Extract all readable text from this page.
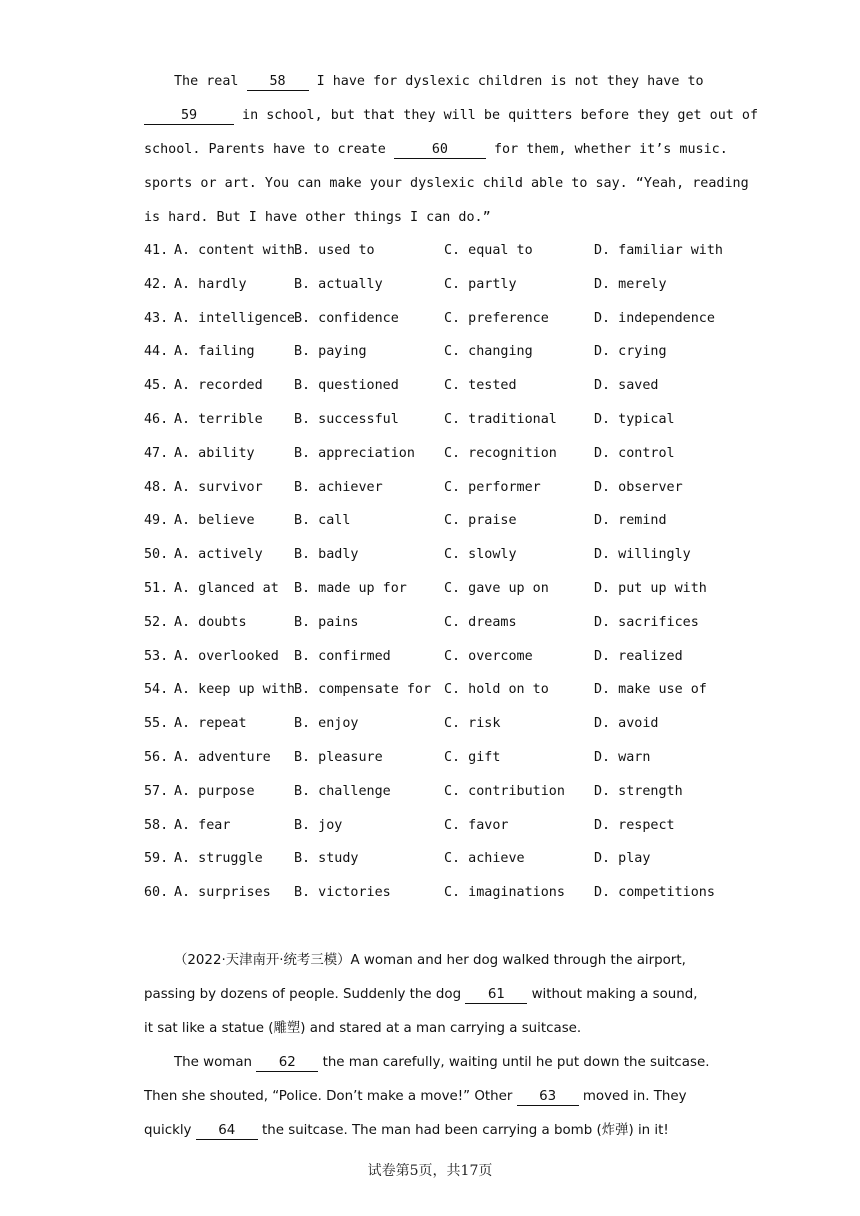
The real 58 I have for dyslexic children is not they have to
59	in school, but that they will be quitters before they get out of
school. Parents have to create	60	for them, whether it’s music.
sports or art. You can make your dyslexic child able to say. “Yeah, reading
is hard. But I have other things I can do.”
41. A. content with B. used to	C. equal to	D. familiar with
42. A. hardly	B. actually	C. partly	D. merely
43. A. intelligence B. confidence	C. preference	D. independence
44. A. failing	B. paying	C. changing	D. crying
45. A. recorded B. questioned	C. tested	D. saved
46. A. terrible B. successful	C. traditional	D. typical
47. A. ability	B. appreciation C. recognition	D. control
48. A. survivor B. achiever	C. performer	D. observer
49. A. believe	B. call	C. praise	D. remind
50. A. actively B. badly	C. slowly	D. willingly
51. A. glanced at B. made up for	C. gave up on	D. put up with
52. A. doubts	B. pains	C. dreams	D. sacrifices
53. A. overlooked B. confirmed	C. overcome	D. realized
54. A. keep up with B. compensate for C. hold on to	D. make use of
55. A. repeat	B. enjoy	C. risk	D. avoid
56. A. adventure B. pleasure	C. gift	D. warn
57. A. purpose	B. challenge	C. contribution D. strength
58. A. fear	B. joy	C. favor	D. respect
59. A. struggle B. study	C. achieve	D. play
60. A. surprises B. victories	C. imaginations D. competitions
（2022·天津南开·统考三模）A woman and her dog walked through the airport,
passing by dozens of people. Suddenly the dog 61 without making a sound,
it sat like a statue (雕塑) and stared at a man carrying a suitcase.
The woman 62 the man carefully, waiting until he put down the suitcase.
Then she shouted, “Police. Don’t make a move!” Other 63 moved in. They
quickly 64 the suitcase. The man had been carrying a bomb (炸弹) in it!
试卷第5页，共17页
